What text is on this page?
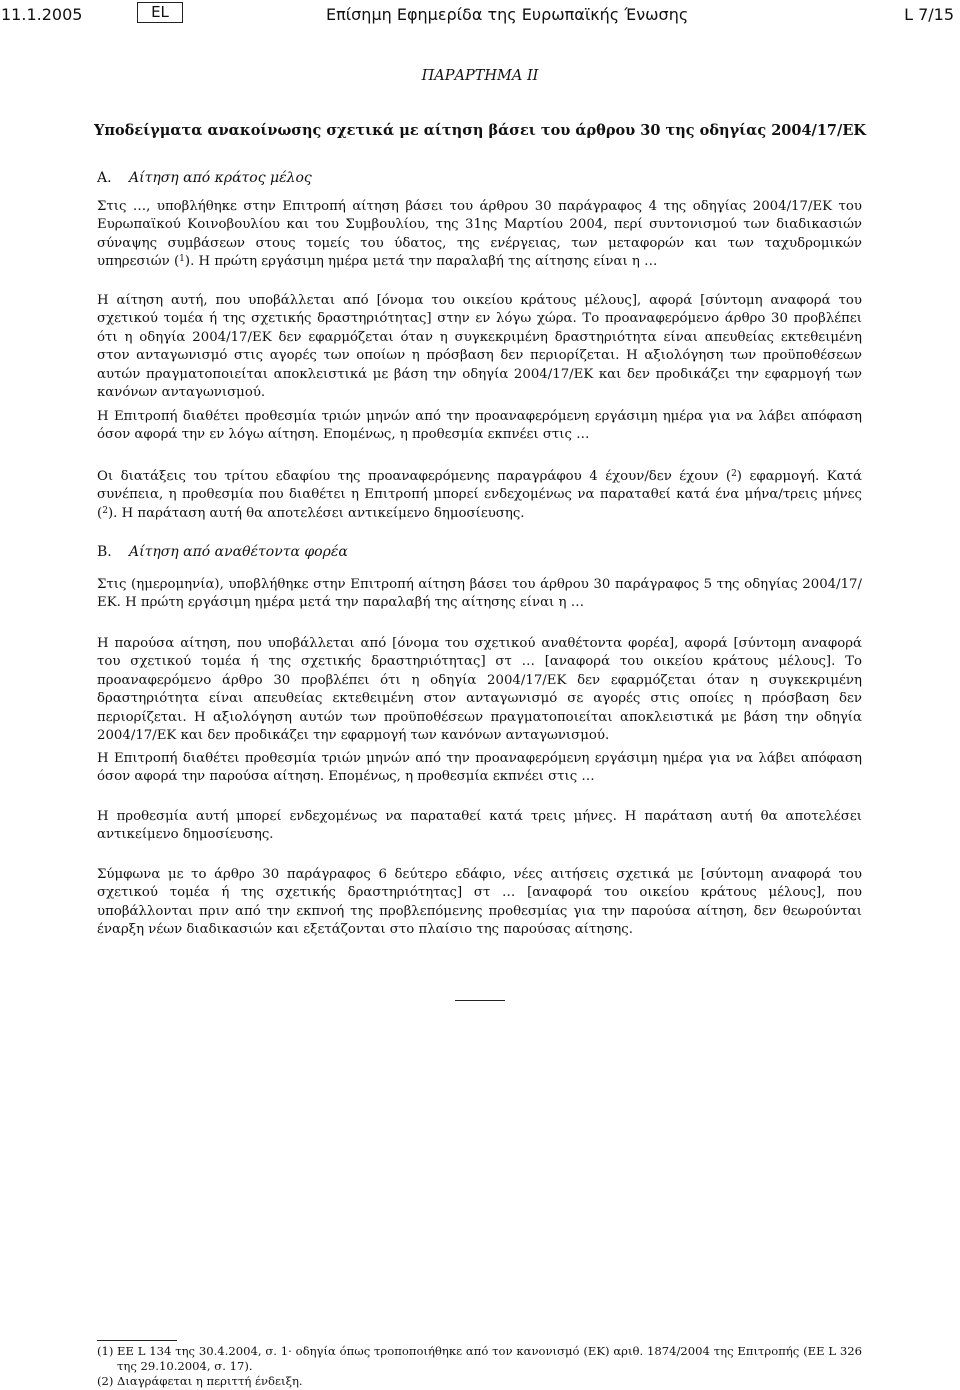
11.1.2005	EL	Επίσημη Εφημερίδα της Ευρωπαϊκής Ένωσης	L 7/15
ΠΑΡΑΡΤΗΜΑ II
Υποδείγματα ανακοίνωσης σχετικά με αίτηση βάσει του άρθρου 30 της οδηγίας 2004/17/ΕΚ
A. Αίτηση από κράτος μέλος

Στις …, υποβλήθηκε στην Επιτροπή αίτηση βάσει του άρθρου 30 παράγραφος 4 της οδηγίας 2004/17/ΕΚ του Ευρωπαϊκού Κοινοβουλίου και του Συμβουλίου, της 31ης Μαρτίου 2004, περί συντονισμού των διαδικασιών σύναψης συμβάσεων στους τομείς του ύδατος, της ενέργειας, των μεταφορών και των ταχυδρομικών υπηρεσιών ($^1$). Η πρώτη εργάσιμη ημέρα μετά την παραλαβή της αίτησης είναι η …

Η αίτηση αυτή, που υποβάλλεται από [όνομα του οικείου κράτους μέλους], αφορά [σύντομη αναφορά του σχετικού τομέα ή της σχετικής δραστηριότητας] στην εν λόγω χώρα. Το προαναφερόμενο άρθρο 30 προβλέπει ότι η οδηγία 2004/17/ΕΚ δεν εφαρμόζεται όταν η συγκεκριμένη δραστηριότητα είναι απευθείας εκτεθειμένη στον ανταγωνισμό στις αγορές των οποίων η πρόσβαση δεν περιορίζεται. Η αξιολόγηση των προϋποθέσεων αυτών πραγματοποιείται αποκλειστικά με βάση την οδηγία 2004/17/ΕΚ και δεν προδικάζει την εφαρμογή των κανόνων ανταγωνισμού.

Η Επιτροπή διαθέτει προθεσμία τριών μηνών από την προαναφερόμενη εργάσιμη ημέρα για να λάβει απόφαση όσον αφορά την εν λόγω αίτηση. Επομένως, η προθεσμία εκπνέει στις …

Οι διατάξεις του τρίτου εδαφίου της προαναφερόμενης παραγράφου 4 έχουν/δεν έχουν ($^2$) εφαρμογή. Κατά συνέπεια, η προθεσμία που διαθέτει η Επιτροπή μπορεί ενδεχομένως να παραταθεί κατά ένα μήνα/τρεις μήνες ($^2$). Η παράταση αυτή θα αποτελέσει αντικείμενο δημοσίευσης.

B. Αίτηση από αναθέτοντα φορέα

Στις (ημερομηνία), υποβλήθηκε στην Επιτροπή αίτηση βάσει του άρθρου 30 παράγραφος 5 της οδηγίας 2004/17/ΕΚ. Η πρώτη εργάσιμη ημέρα μετά την παραλαβή της αίτησης είναι η …

Η παρούσα αίτηση, που υποβάλλεται από [όνομα του σχετικού αναθέτοντα φορέα], αφορά [σύντομη αναφορά του σχετικού τομέα ή της σχετικής δραστηριότητας] στ … [αναφορά του οικείου κράτους μέλους]. Το προαναφερόμενο άρθρο 30 προβλέπει ότι η οδηγία 2004/17/ΕΚ δεν εφαρμόζεται όταν η συγκεκριμένη δραστηριότητα είναι απευθείας εκτεθειμένη στον ανταγωνισμό σε αγορές στις οποίες η πρόσβαση δεν περιορίζεται. Η αξιολόγηση αυτών των προϋποθέσεων πραγματοποιείται αποκλειστικά με βάση την οδηγία 2004/17/ΕΚ και δεν προδικάζει την εφαρμογή των κανόνων ανταγωνισμού.

Η Επιτροπή διαθέτει προθεσμία τριών μηνών από την προαναφερόμενη εργάσιμη ημέρα για να λάβει απόφαση όσον αφορά την παρούσα αίτηση. Επομένως, η προθεσμία εκπνέει στις …

Η προθεσμία αυτή μπορεί ενδεχομένως να παραταθεί κατά τρεις μήνες. Η παράταση αυτή θα αποτελέσει αντικείμενο δημοσίευσης.

Σύμφωνα με το άρθρο 30 παράγραφος 6 δεύτερο εδάφιο, νέες αιτήσεις σχετικά με [σύντομη αναφορά του σχετικού τομέα ή της σχετικής δραστηριότητας] στ … [αναφορά του οικείου κράτους μέλους], που υποβάλλονται πριν από την εκπνοή της προβλεπόμενης προθεσμίας για την παρούσα αίτηση, δεν θεωρούνται έναρξη νέων διαδικασιών και εξετάζονται στο πλαίσιο της παρούσας αίτησης.

(1) ΕΕ L 134 της 30.4.2004, σ. 1· οδηγία όπως τροποποιήθηκε από τον κανονισμό (ΕΚ) αριθ. 1874/2004 της Επιτροπής (ΕΕ L 326 της 29.10.2004, σ. 17).
(2) Διαγράφεται η περιττή ένδειξη.
